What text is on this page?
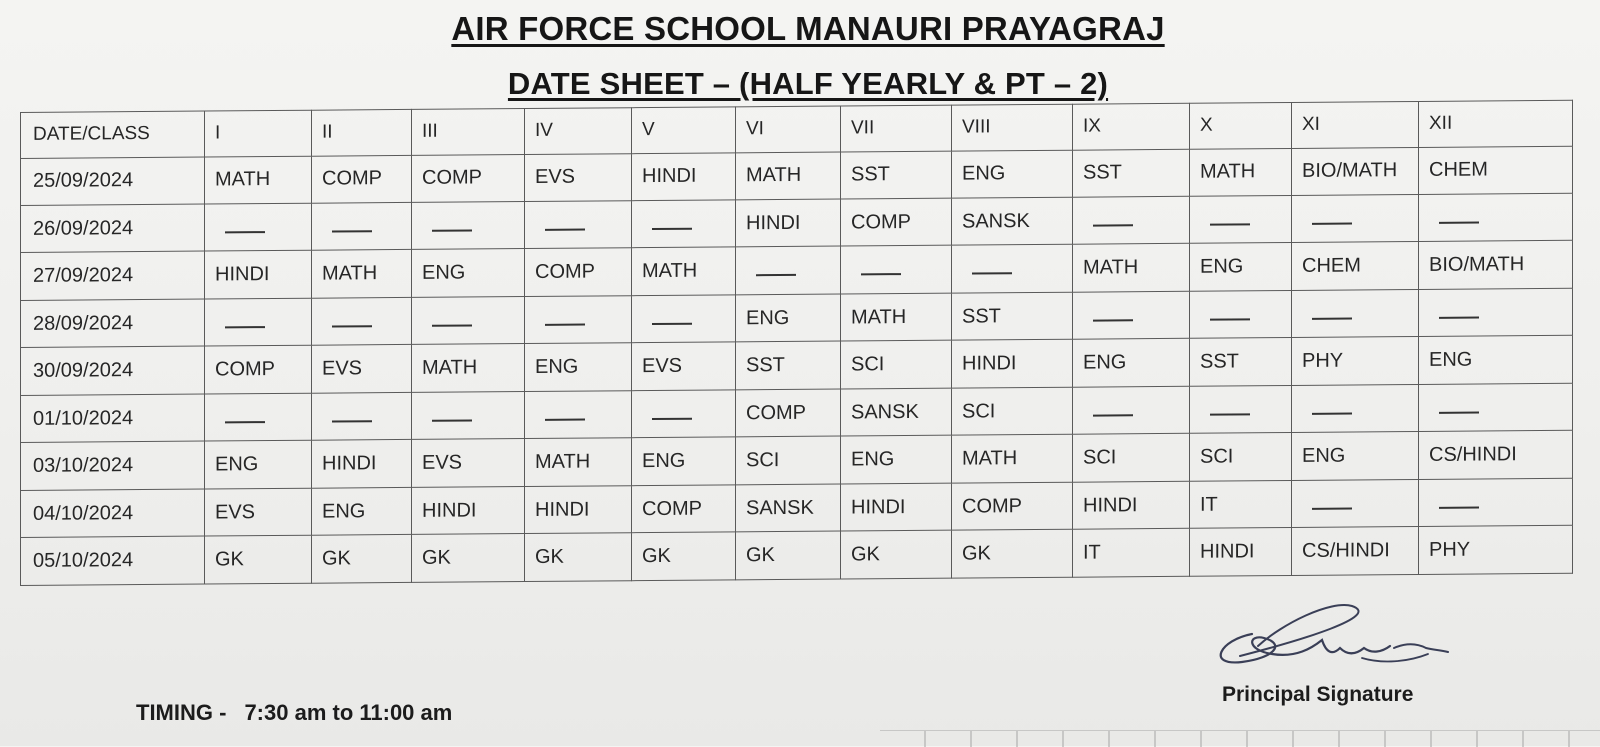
AIR FORCE SCHOOL MANAURI PRAYAGRAJ
DATE SHEET – (HALF YEARLY & PT – 2)
DATE/CLASS	I	II	III	IV	V	VI	VII	VIII	IX	X	XI	XII
25/09/2024	MATH	COMP	COMP	EVS	HINDI	MATH	SST	ENG	SST	MATH	BIO/MATH	CHEM
26/09/2024						HINDI	COMP	SANSK				
27/09/2024	HINDI	MATH	ENG	COMP	MATH				MATH	ENG	CHEM	BIO/MATH
28/09/2024						ENG	MATH	SST				
30/09/2024	COMP	EVS	MATH	ENG	EVS	SST	SCI	HINDI	ENG	SST	PHY	ENG
01/10/2024						COMP	SANSK	SCI				
03/10/2024	ENG	HINDI	EVS	MATH	ENG	SCI	ENG	MATH	SCI	SCI	ENG	CS/HINDI
04/10/2024	EVS	ENG	HINDI	HINDI	COMP	SANSK	HINDI	COMP	HINDI	IT		
05/10/2024	GK	GK	GK	GK	GK	GK	GK	GK	IT	HINDI	CS/HINDI	PHY
TIMING - 7:30 am to 11:00 am
Principal Signature
